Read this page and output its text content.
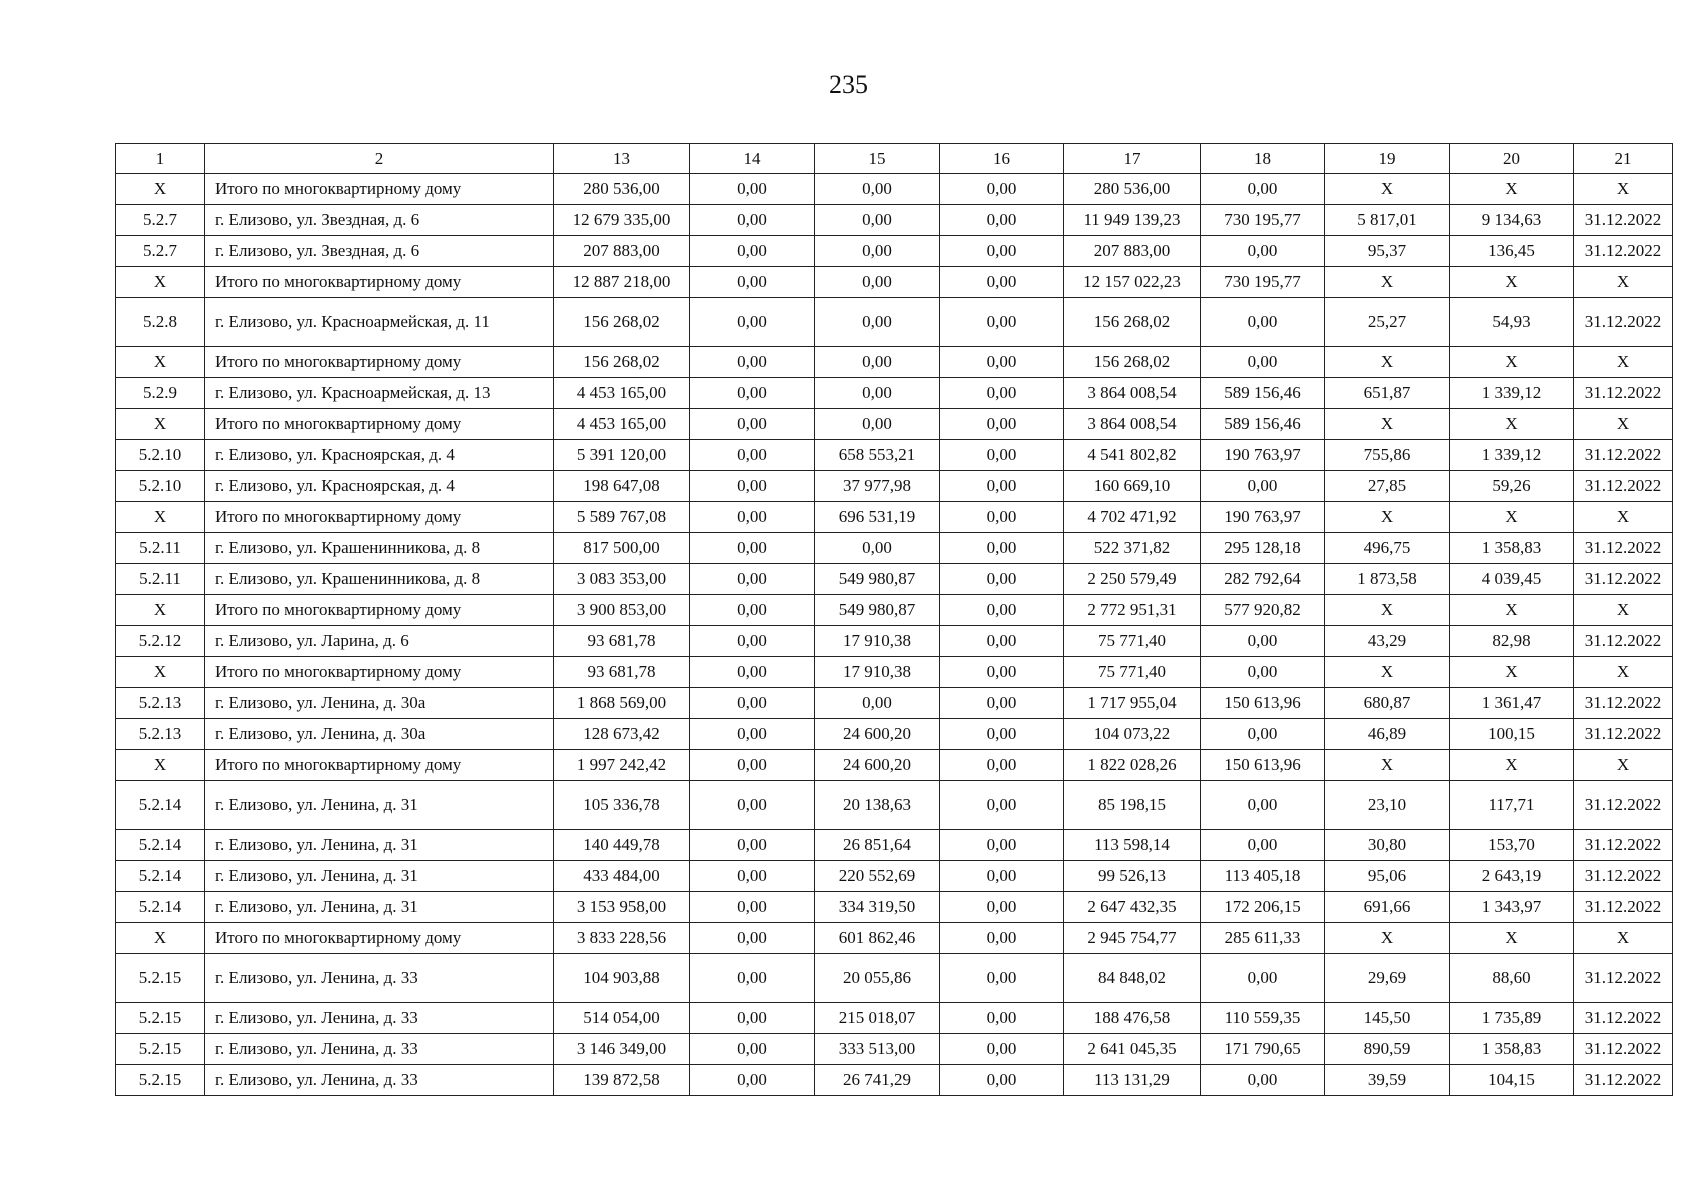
235
1	2	13	14	15	16	17	18	19	20	21
X	Итого по многоквартирному дому	280 536,00	0,00	0,00	0,00	280 536,00	0,00	X	X	X
5.2.7	г. Елизово, ул. Звездная, д. 6	12 679 335,00	0,00	0,00	0,00	11 949 139,23	730 195,77	5 817,01	9 134,63	31.12.2022
5.2.7	г. Елизово, ул. Звездная, д. 6	207 883,00	0,00	0,00	0,00	207 883,00	0,00	95,37	136,45	31.12.2022
X	Итого по многоквартирному дому	12 887 218,00	0,00	0,00	0,00	12 157 022,23	730 195,77	X	X	X
5.2.8	г. Елизово, ул. Красноармейская, д. 11	156 268,02	0,00	0,00	0,00	156 268,02	0,00	25,27	54,93	31.12.2022
X	Итого по многоквартирному дому	156 268,02	0,00	0,00	0,00	156 268,02	0,00	X	X	X
5.2.9	г. Елизово, ул. Красноармейская, д. 13	4 453 165,00	0,00	0,00	0,00	3 864 008,54	589 156,46	651,87	1 339,12	31.12.2022
X	Итого по многоквартирному дому	4 453 165,00	0,00	0,00	0,00	3 864 008,54	589 156,46	X	X	X
5.2.10	г. Елизово, ул. Красноярская, д. 4	5 391 120,00	0,00	658 553,21	0,00	4 541 802,82	190 763,97	755,86	1 339,12	31.12.2022
5.2.10	г. Елизово, ул. Красноярская, д. 4	198 647,08	0,00	37 977,98	0,00	160 669,10	0,00	27,85	59,26	31.12.2022
X	Итого по многоквартирному дому	5 589 767,08	0,00	696 531,19	0,00	4 702 471,92	190 763,97	X	X	X
5.2.11	г. Елизово, ул. Крашенинникова, д. 8	817 500,00	0,00	0,00	0,00	522 371,82	295 128,18	496,75	1 358,83	31.12.2022
5.2.11	г. Елизово, ул. Крашенинникова, д. 8	3 083 353,00	0,00	549 980,87	0,00	2 250 579,49	282 792,64	1 873,58	4 039,45	31.12.2022
X	Итого по многоквартирному дому	3 900 853,00	0,00	549 980,87	0,00	2 772 951,31	577 920,82	X	X	X
5.2.12	г. Елизово, ул. Ларина, д. 6	93 681,78	0,00	17 910,38	0,00	75 771,40	0,00	43,29	82,98	31.12.2022
X	Итого по многоквартирному дому	93 681,78	0,00	17 910,38	0,00	75 771,40	0,00	X	X	X
5.2.13	г. Елизово, ул. Ленина, д. 30а	1 868 569,00	0,00	0,00	0,00	1 717 955,04	150 613,96	680,87	1 361,47	31.12.2022
5.2.13	г. Елизово, ул. Ленина, д. 30а	128 673,42	0,00	24 600,20	0,00	104 073,22	0,00	46,89	100,15	31.12.2022
X	Итого по многоквартирному дому	1 997 242,42	0,00	24 600,20	0,00	1 822 028,26	150 613,96	X	X	X
5.2.14	г. Елизово, ул. Ленина, д. 31	105 336,78	0,00	20 138,63	0,00	85 198,15	0,00	23,10	117,71	31.12.2022
5.2.14	г. Елизово, ул. Ленина, д. 31	140 449,78	0,00	26 851,64	0,00	113 598,14	0,00	30,80	153,70	31.12.2022
5.2.14	г. Елизово, ул. Ленина, д. 31	433 484,00	0,00	220 552,69	0,00	99 526,13	113 405,18	95,06	2 643,19	31.12.2022
5.2.14	г. Елизово, ул. Ленина, д. 31	3 153 958,00	0,00	334 319,50	0,00	2 647 432,35	172 206,15	691,66	1 343,97	31.12.2022
X	Итого по многоквартирному дому	3 833 228,56	0,00	601 862,46	0,00	2 945 754,77	285 611,33	X	X	X
5.2.15	г. Елизово, ул. Ленина, д. 33	104 903,88	0,00	20 055,86	0,00	84 848,02	0,00	29,69	88,60	31.12.2022
5.2.15	г. Елизово, ул. Ленина, д. 33	514 054,00	0,00	215 018,07	0,00	188 476,58	110 559,35	145,50	1 735,89	31.12.2022
5.2.15	г. Елизово, ул. Ленина, д. 33	3 146 349,00	0,00	333 513,00	0,00	2 641 045,35	171 790,65	890,59	1 358,83	31.12.2022
5.2.15	г. Елизово, ул. Ленина, д. 33	139 872,58	0,00	26 741,29	0,00	113 131,29	0,00	39,59	104,15	31.12.2022
